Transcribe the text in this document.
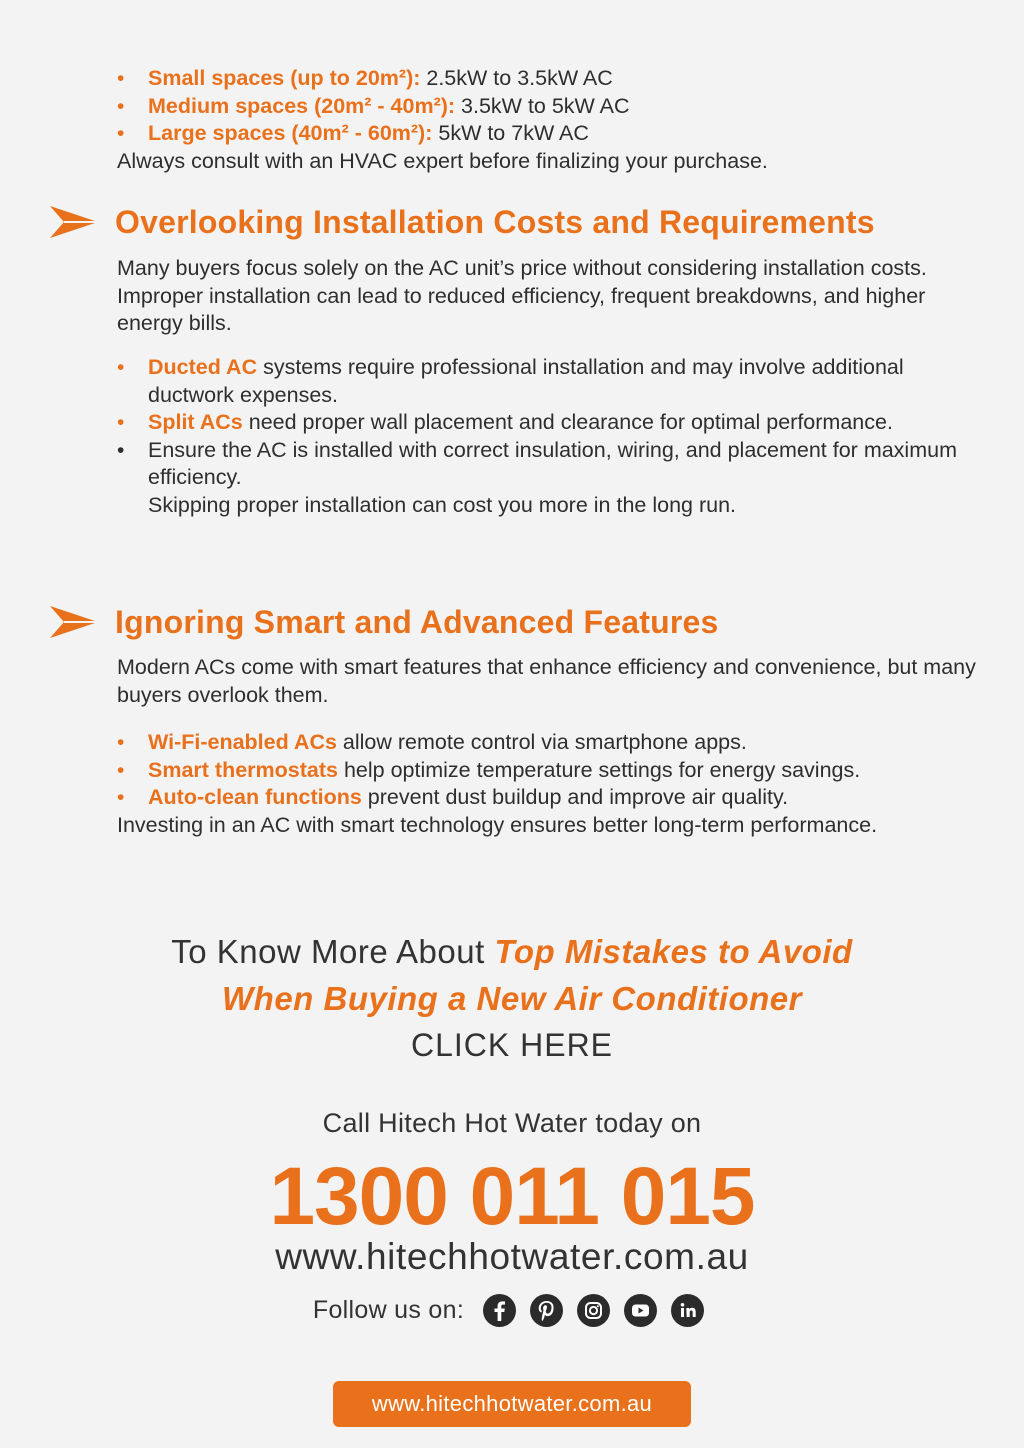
• Small spaces (up to 20m²): 2.5kW to 3.5kW AC
• Medium spaces (20m² - 40m²): 3.5kW to 5kW AC
• Large spaces (40m² - 60m²): 5kW to 7kW AC

Always consult with an HVAC expert before finalizing your purchase.

Overlooking Installation Costs and Requirements

Many buyers focus solely on the AC unit’s price without considering installation costs. Improper installation can lead to reduced efficiency, frequent breakdowns, and higher energy bills.

• Ducted AC systems require professional installation and may involve additional ductwork expenses.
• Split ACs need proper wall placement and clearance for optimal performance.
• Ensure the AC is installed with correct insulation, wiring, and placement for maximum efficiency.
Skipping proper installation can cost you more in the long run.
Ignoring Smart and Advanced Features

Modern ACs come with smart features that enhance efficiency and convenience, but many buyers overlook them.

• Wi-Fi-enabled ACs allow remote control via smartphone apps.
• Smart thermostats help optimize temperature settings for energy savings.
• Auto-clean functions prevent dust buildup and improve air quality.

Investing in an AC with smart technology ensures better long-term performance.

To Know More About Top Mistakes to Avoid
When Buying a New Air Conditioner
CLICK HERE
Call Hitech Hot Water today on
1300 011 015
www.hitechhotwater.com.au
Follow us on:
www.hitechhotwater.com.au
